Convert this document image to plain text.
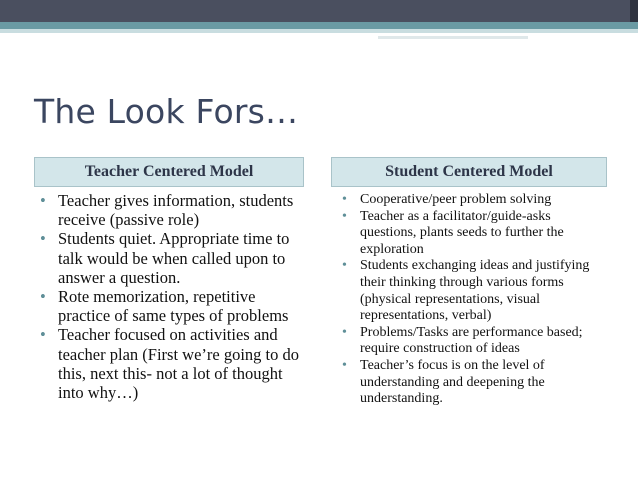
The Look Fors…
Teacher Centered Model	Student Centered Model
• Teacher gives information, students receive (passive role)
• Students quiet. Appropriate time to talk would be when called upon to answer a question.
• Rote memorization, repetitive practice of same types of problems
• Teacher focused on activities and teacher plan (First we’re going to do this, next this- not a lot of thought into why…)
• Cooperative/peer problem solving
• Teacher as a facilitator/guide-asks questions, plants seeds to further the exploration
• Students exchanging ideas and justifying their thinking through various forms (physical representations, visual representations, verbal)
• Problems/Tasks are performance based; require construction of ideas
• Teacher’s focus is on the level of understanding and deepening the understanding.
